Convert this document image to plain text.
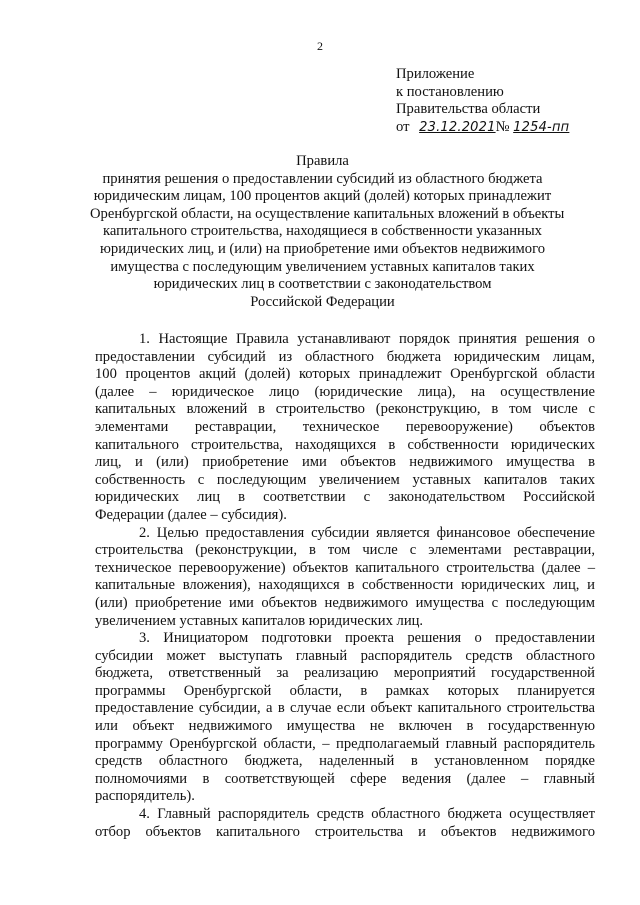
2
Приложение
к постановлению
Правительства области
от 23.12.2021№ 1254-пп
Правила
принятия решения о предоставлении субсидий из областного бюджета
юридическим лицам, 100 процентов акций (долей) которых принадлежит
Оренбургской области, на осуществление капитальных вложений в объекты
капитального строительства, находящиеся в собственности указанных
юридических лиц, и (или) на приобретение ими объектов недвижимого
имущества с последующим увеличением уставных капиталов таких
юридических лиц в соответствии с законодательством
Российской Федерации
1. Настоящие Правила устанавливают порядок принятия решения о
предоставлении субсидий из областного бюджета юридическим лицам,
100 процентов акций (долей) которых принадлежит Оренбургской области
(далее – юридическое лицо (юридические лица), на осуществление
капитальных вложений в строительство (реконструкцию, в том числе с
элементами реставрации, техническое перевооружение) объектов
капитального строительства, находящихся в собственности юридических
лиц, и (или) приобретение ими объектов недвижимого имущества в
собственность с последующим увеличением уставных капиталов таких
юридических лиц в соответствии с законодательством Российской
Федерации (далее – субсидия).
2. Целью предоставления субсидии является финансовое обеспечение
строительства (реконструкции, в том числе с элементами реставрации,
техническое перевооружение) объектов капитального строительства (далее –
капитальные вложения), находящихся в собственности юридических лиц, и
(или) приобретение ими объектов недвижимого имущества с последующим
увеличением уставных капиталов юридических лиц.
3. Инициатором подготовки проекта решения о предоставлении
субсидии может выступать главный распорядитель средств областного
бюджета, ответственный за реализацию мероприятий государственной
программы Оренбургской области, в рамках которых планируется
предоставление субсидии, а в случае если объект капитального строительства
или объект недвижимого имущества не включен в государственную
программу Оренбургской области, – предполагаемый главный распорядитель
средств областного бюджета, наделенный в установленном порядке
полномочиями в соответствующей сфере ведения (далее – главный
распорядитель).
4. Главный распорядитель средств областного бюджета осуществляет
отбор объектов капитального строительства и объектов недвижимого
